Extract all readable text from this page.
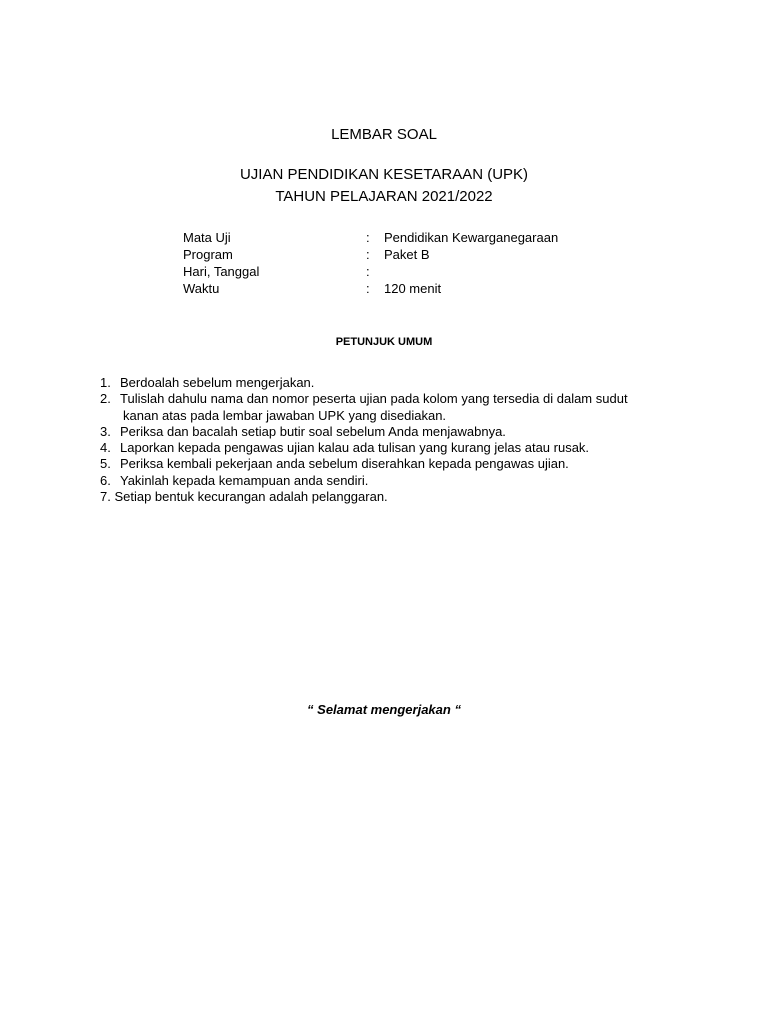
LEMBAR SOAL
UJIAN PENDIDIKAN KESETARAAN (UPK)
TAHUN PELAJARAN 2021/2022
Mata Uji	: Pendidikan Kewarganegaraan
Program	: Paket B
Hari, Tanggal	:
Waktu	: 120 menit
PETUNJUK UMUM
1. Berdoalah sebelum mengerjakan.
2. Tulislah dahulu nama dan nomor peserta ujian pada kolom yang tersedia di dalam sudut
kanan atas pada lembar jawaban UPK yang disediakan.
3. Periksa dan bacalah setiap butir soal sebelum Anda menjawabnya.
4. Laporkan kepada pengawas ujian kalau ada tulisan yang kurang jelas atau rusak.
5. Periksa kembali pekerjaan anda sebelum diserahkan kepada pengawas ujian.
6. Yakinlah kepada kemampuan anda sendiri.
7. Setiap bentuk kecurangan adalah pelanggaran.
“ Selamat mengerjakan “
